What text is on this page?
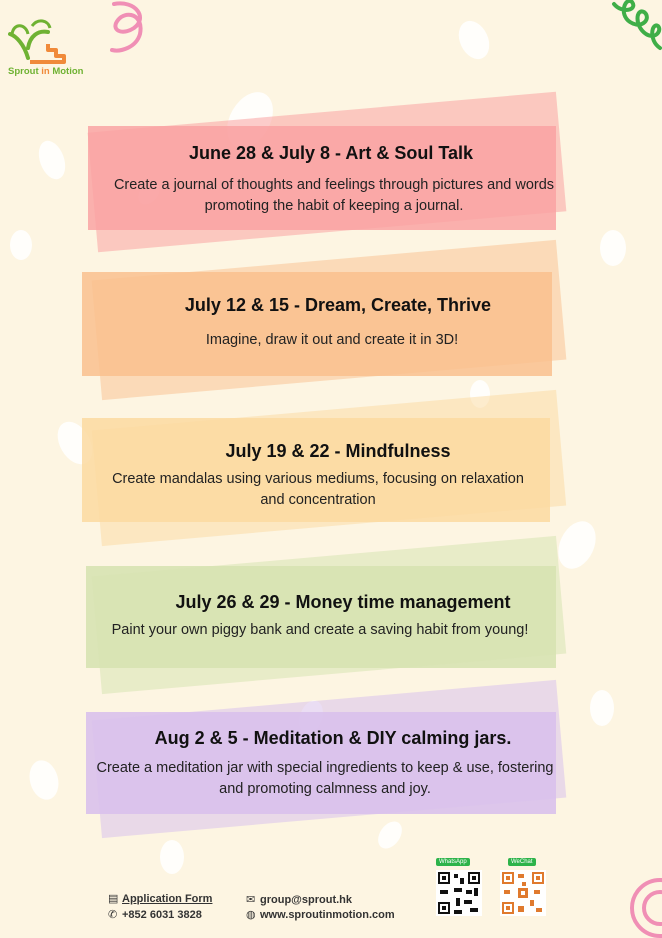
Sprout in Motion
June 28 & July 8 - Art & Soul Talk
Create a journal of thoughts and feelings through pictures and words promoting the habit of keeping a journal.
July 12 & 15 - Dream, Create, Thrive
Imagine, draw it out and create it in 3D!
July 19 & 22 - Mindfulness
Create mandalas using various mediums, focusing on relaxation and concentration
July 26 & 29 - Money time management
Paint your own piggy bank and create a saving habit from young!
Aug 2 & 5 - Meditation & DIY calming jars.
Create a meditation jar with special ingredients to keep & use, fostering and promoting calmness and joy.
▤ Application Form
✆ +852 6031 3828
✉ group@sprout.hk
◍ www.sproutinmotion.com
WhatsApp	WeChat
